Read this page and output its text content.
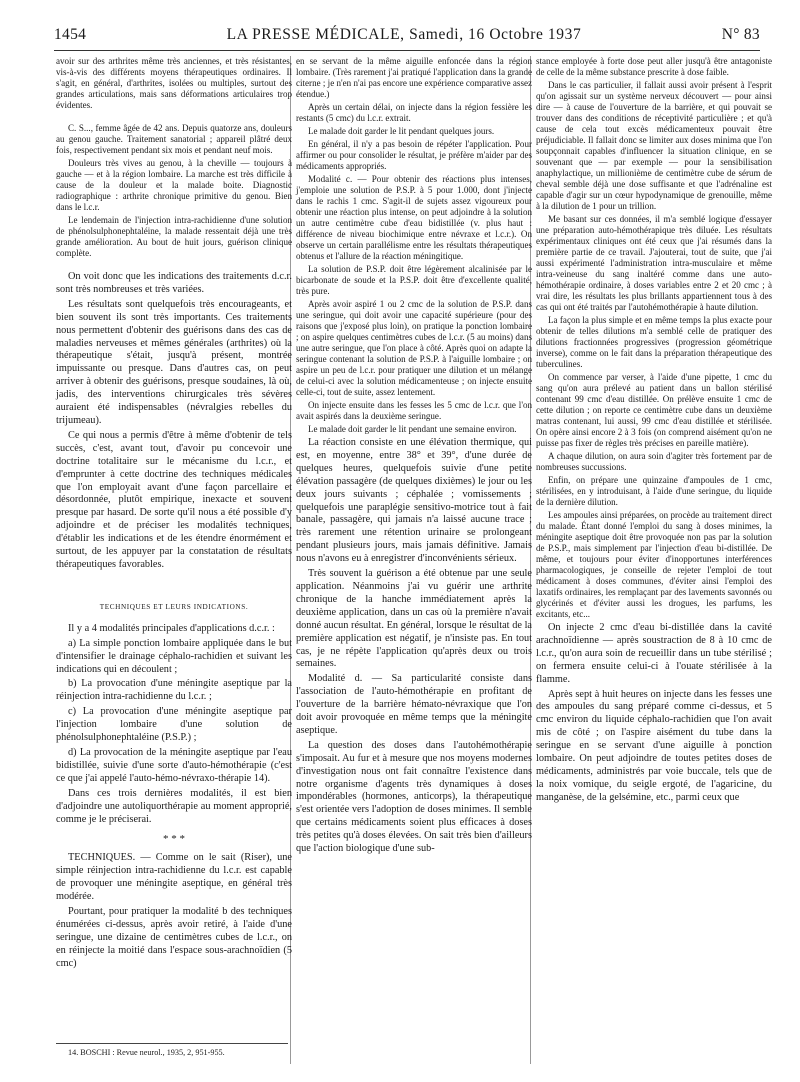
1454	LA PRESSE MÉDICALE, Samedi, 16 Octobre 1937	N° 83

avoir sur des arthrites même très anciennes, et très résistantes, vis-à-vis des différents moyens thérapeutiques ordinaires. Il s'agit, en général, d'arthrites, isolées ou multiples, surtout des grandes articulations, mais sans déformations articulaires trop évidentes.

C. S..., femme âgée de 42 ans. Depuis quatorze ans, douleurs au genou gauche. Traitement sanatorial ; appareil plâtré deux fois, respectivement pendant six mois et pendant neuf mois.

Douleurs très vives au genou, à la cheville — toujours à gauche — et à la région lombaire. La marche est très difficile à cause de la douleur et la malade boite. Diagnostic radiographique : arthrite chronique primitive du genou. Bien dans le l.c.r.

Le lendemain de l'injection intra-rachidienne d'une solution de phénolsulphonephtaléine, la malade ressentait déjà une très grande amélioration. Au bout de huit jours, guérison clinique complète.

On voit donc que les indications des traitements d.c.r. sont très nombreuses et très variées.

Les résultats sont quelquefois très encourageants, et bien souvent ils sont très importants. Ces traitements nous permettent d'obtenir des guérisons dans des cas de maladies nerveuses et mêmes générales (arthrites) où la thérapeutique s'était, jusqu'à présent, montrée impuissante ou presque. Dans d'autres cas, on peut arriver à obtenir des guérisons, presque soudaines, là où, jadis, des interventions chirurgicales très sévères auraient été indispensables (névralgies rebelles du trijumeau).

Ce qui nous a permis d'être à même d'obtenir de tels succès, c'est, avant tout, d'avoir pu concevoir une doctrine totalitaire sur le mécanisme du l.c.r., et d'emprunter à cette doctrine des techniques médicales que l'on employait avant d'une façon parcellaire et désordonnée, plutôt empirique, inexacte et souvent presque par hasard. De sorte qu'il nous a été possible d'y adjoindre et de préciser les modalités techniques, d'établir les indications et de les étendre énormément et surtout, de les appuyer par la constatation de résultats thérapeutiques favorables.

TECHNIQUES ET LEURS INDICATIONS.

Il y a 4 modalités principales d'applications d.c.r. :

a) La simple ponction lombaire appliquée dans le but d'intensifier le drainage céphalo-rachidien et suivant les indications qui en découlent ;

b) La provocation d'une méningite aseptique par la réinjection intra-rachidienne du l.c.r. ;

c) La provocation d'une méningite aseptique par l'injection lombaire d'une solution de phénolsulphonephtaléine (P.S.P.) ;

d) La provocation de la méningite aseptique par l'eau bidistillée, suivie d'une sorte d'auto-hémothérapie (c'est ce que j'ai appelé l'auto-hémo-névraxo-thérapie 14).

Dans ces trois dernières modalités, il est bien d'adjoindre une autoliquorthérapie au moment approprié, comme je le préciserai.

* * *

TECHNIQUES. — Comme on le sait (Riser), une simple réinjection intra-rachidienne du l.c.r. est capable de provoquer une méningite aseptique, en général très modérée.

Pourtant, pour pratiquer la modalité b des techniques énumérées ci-dessus, après avoir retiré, à l'aide d'une seringue, une dizaine de centimètres cubes de l.c.r., on en réinjecte la moitié dans l'espace sous-arachnoïdien (5 cmc)

14. BOSCHI : Revue neurol., 1935, 2, 951-955.

en se servant de la même aiguille enfoncée dans la région lombaire. (Très rarement j'ai pratiqué l'application dans la grande citerne ; je n'en n'ai pas encore une expérience comparative assez étendue.)

Après un certain délai, on injecte dans la région fessière les restants (5 cmc) du l.c.r. extrait.

Le malade doit garder le lit pendant quelques jours.

En général, il n'y a pas besoin de répéter l'application. Pour affirmer ou pour consolider le résultat, je préfère m'aider par des médicaments appropriés.

Modalité c. — Pour obtenir des réactions plus intenses, j'emploie une solution de P.S.P. à 5 pour 1.000, dont j'injecte dans le rachis 1 cmc. S'agit-il de sujets assez vigoureux pour obtenir une réaction plus intense, on peut adjoindre à la solution un autre centimètre cube d'eau bidistillée (v. plus haut : différence de niveau biochimique entre névraxe et l.c.r.). On observe un certain parallélisme entre les résultats thérapeutiques obtenus et l'allure de la réaction méningitique.

La solution de P.S.P. doit être légèrement alcalinisée par le bicarbonate de soude et la P.S.P. doit être d'excellente qualité, très pure.

Après avoir aspiré 1 ou 2 cmc de la solution de P.S.P. dans une seringue, qui doit avoir une capacité supérieure (pour des raisons que j'exposé plus loin), on pratique la ponction lombaire ; on aspire quelques centimètres cubes de l.c.r. (5 au moins) dans une autre seringue, que l'on place à côté. Après quoi on adapte la seringue contenant la solution de P.S.P. à l'aiguille lombaire ; on aspire un peu de l.c.r. pour pratiquer une dilution et un mélange de celui-ci avec la solution médicamenteuse ; on injecte ensuite celle-ci, tout de suite, assez lentement.

On injecte ensuite dans les fesses les 5 cmc de l.c.r. que l'on avait aspirés dans la deuxième seringue.

Le malade doit garder le lit pendant une semaine environ.

La réaction consiste en une élévation thermique, qui est, en moyenne, entre 38° et 39°, d'une durée de quelques heures, quelquefois suivie d'une petite élévation passagère (de quelques dixièmes) le jour ou les deux jours suivants ; céphalée ; vomissements ; quelquefois une paraplégie sensitivo-motrice tout à fait banale, passagère, qui jamais n'a laissé aucune trace ; très rarement une rétention urinaire se prolongeant pendant plusieurs jours, mais jamais définitive. Jamais nous n'avons eu à enregistrer d'inconvénients sérieux.

Très souvent la guérison a été obtenue par une seule application. Néanmoins j'ai vu guérir une arthrite chronique de la hanche immédiatement après la deuxième application, dans un cas où la première n'avait donné aucun résultat. En général, lorsque le résultat de la première application est négatif, je n'insiste pas. En tout cas, je ne répète l'application qu'après deux ou trois semaines.

Modalité d. — Sa particularité consiste dans l'association de l'auto-hémothérapie en profitant de l'ouverture de la barrière hémato-névraxique que l'on doit avoir provoquée en même temps que la méningite aseptique.

La question des doses dans l'autohémothérapie s'imposait. Au fur et à mesure que nos moyens modernes d'investigation nous ont fait connaître l'existence dans notre organisme d'agents très dynamiques à doses impondérables (hormones, anticorps), la thérapeutique s'est orientée vers l'adoption de doses minimes. Il semble que certains médicaments soient plus efficaces à doses très petites qu'à doses élevées. On sait très bien d'ailleurs que l'action biologique d'une sub-

stance employée à forte dose peut aller jusqu'à être antagoniste de celle de la même substance prescrite à dose faible.

Dans le cas particulier, il fallait aussi avoir présent à l'esprit qu'on agissait sur un système nerveux découvert — pour ainsi dire — à cause de l'ouverture de la barrière, et qui pouvait se trouver dans des conditions de réceptivité particulière ; et qu'à cause de cela tout excès médicamenteux pouvait être préjudiciable. Il fallait donc se limiter aux doses minima que l'on soupçonnait capables d'influencer la situation clinique, en se souvenant que — par exemple — pour la sensibilisation anaphylactique, un millionième de centimètre cube de sérum de cheval semble déjà une dose suffisante et que l'adrénaline est capable d'agir sur un cœur hypodynamique de grenouille, même à la dilution de 1 pour un trillion.

Me basant sur ces données, il m'a semblé logique d'essayer une préparation auto-hémothérapique très diluée. Les résultats expérimentaux cliniques ont été ceux que j'ai résumés dans la première partie de ce travail. J'ajouterai, tout de suite, que j'ai aussi expérimenté l'administration intra-musculaire et même intra-veineuse du sang inaltéré comme dans une auto-hémothérapie ordinaire, à doses variables entre 2 et 20 cmc ; à vrai dire, les résultats les plus brillants appartiennent tous à des cas qui ont été traités par l'autohémothérapie à haute dilution.

La façon la plus simple et en même temps la plus exacte pour obtenir de telles dilutions m'a semblé celle de pratiquer des dilutions fractionnées progressives (progression géométrique inverse), comme on le fait dans la préparation thérapeutique des tuberculines.

On commence par verser, à l'aide d'une pipette, 1 cmc du sang qu'on aura prélevé au patient dans un ballon stérilisé contenant 99 cmc d'eau distillée. On prélève ensuite 1 cmc de cette dilution ; on reporte ce centimètre cube dans un deuxième matras contenant, lui aussi, 99 cmc d'eau distillée et stérilisée. On opère ainsi encore 2 à 3 fois (on comprend aisément qu'on ne puisse pas fixer de règles très précises en pareille matière).

A chaque dilution, on aura soin d'agiter très fortement par de nombreuses succussions.

Enfin, on prépare une quinzaine d'ampoules de 1 cmc, stérilisées, en y introduisant, à l'aide d'une seringue, du liquide de la dernière dilution.

Les ampoules ainsi préparées, on procède au traitement direct du malade. Étant donné l'emploi du sang à doses minimes, la méningite aseptique doit être provoquée non pas par la solution de P.S.P., mais simplement par l'injection d'eau bi-distillée. De même, et toujours pour éviter d'inopportunes interférences pharmacologiques, je conseille de rejeter l'emploi de tout médicament à doses communes, d'éviter ainsi l'emploi des laxatifs ordinaires, les remplaçant par des lavements savonnés ou glycérinés et d'éviter aussi les drogues, les parfums, les excitants, etc...

On injecte 2 cmc d'eau bi-distillée dans la cavité arachnoïdienne — après soustraction de 8 à 10 cmc de l.c.r., qu'on aura soin de recueillir dans un tube stérilisé ; on fermera ensuite celui-ci à l'ouate stérilisée à la flamme.

Après sept à huit heures on injecte dans les fesses une des ampoules du sang préparé comme ci-dessus, et 5 cmc environ du liquide céphalo-rachidien que l'on avait mis de côté ; on l'aspire aisément du tube dans la seringue en se servant d'une aiguille à ponction lombaire. On peut adjoindre de toutes petites doses de médicaments, administrés par voie buccale, tels que de la noix vomique, du seigle ergoté, de l'agaricine, du manganèse, de la gelsémine, etc., parmi ceux que
